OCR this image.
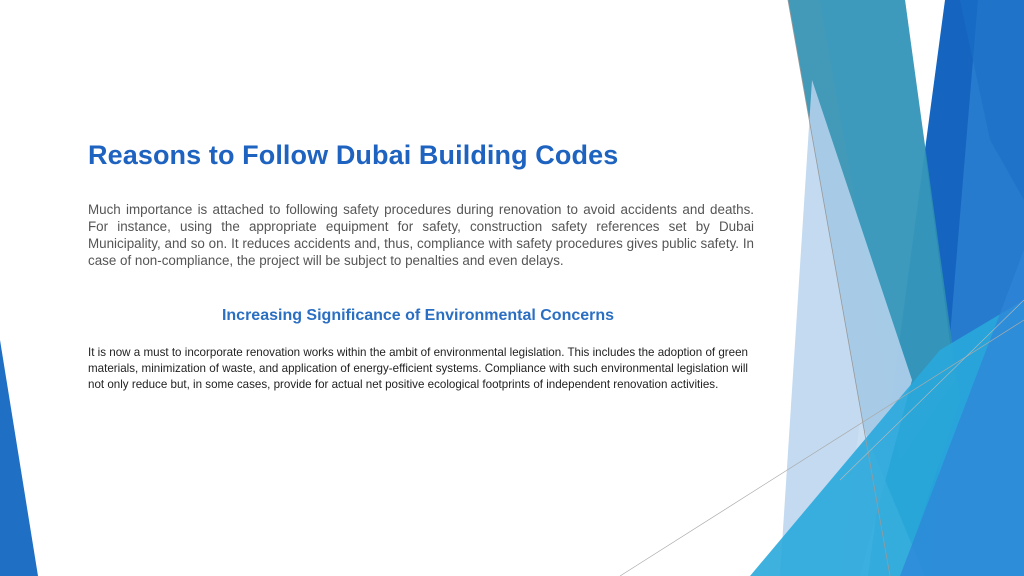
Reasons to Follow Dubai Building Codes

Much importance is attached to following safety procedures during renovation to avoid accidents and deaths. For instance, using the appropriate equipment for safety, construction safety references set by Dubai Municipality, and so on. It reduces accidents and, thus, compliance with safety procedures gives public safety. In case of non-compliance, the project will be subject to penalties and even delays.

Increasing Significance of Environmental Concerns

It is now a must to incorporate renovation works within the ambit of environmental legislation. This includes the adoption of green materials, minimization of waste, and application of energy-efficient systems. Compliance with such environmental legislation will not only reduce but, in some cases, provide for actual net positive ecological footprints of independent renovation activities.
